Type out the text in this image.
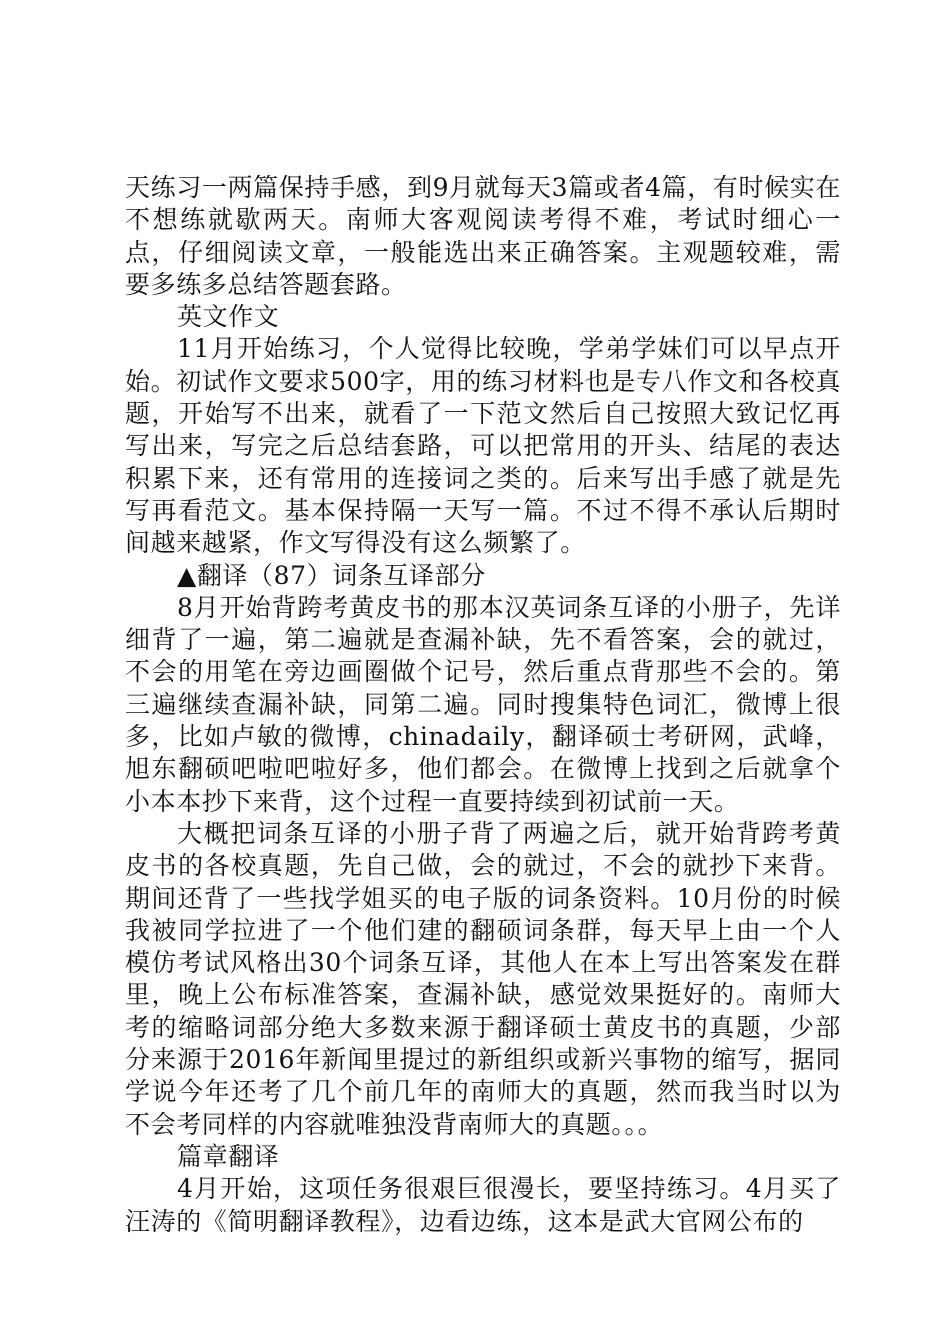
天练习一两篇保持手感，到9月就每天3篇或者4篇，有时候实在不想练就歇两天。南师大客观阅读考得不难，考试时细心一点，仔细阅读文章，一般能选出来正确答案。主观题较难，需要多练多总结答题套路。

英文作文

11月开始练习，个人觉得比较晚，学弟学妹们可以早点开始。初试作文要求500字，用的练习材料也是专八作文和各校真题，开始写不出来，就看了一下范文然后自己按照大致记忆再写出来，写完之后总结套路，可以把常用的开头、结尾的表达积累下来，还有常用的连接词之类的。后来写出手感了就是先写再看范文。基本保持隔一天写一篇。不过不得不承认后期时间越来越紧，作文写得没有这么频繁了。

▲翻译（87）词条互译部分

8月开始背跨考黄皮书的那本汉英词条互译的小册子，先详细背了一遍，第二遍就是查漏补缺，先不看答案，会的就过，不会的用笔在旁边画圈做个记号，然后重点背那些不会的。第三遍继续查漏补缺，同第二遍。同时搜集特色词汇，微博上很多，比如卢敏的微博，chinadaily，翻译硕士考研网，武峰，旭东翻硕吧啦吧啦好多，他们都会。在微博上找到之后就拿个小本本抄下来背，这个过程一直要持续到初试前一天。

大概把词条互译的小册子背了两遍之后，就开始背跨考黄皮书的各校真题，先自己做，会的就过，不会的就抄下来背。期间还背了一些找学姐买的电子版的词条资料。10月份的时候我被同学拉进了一个他们建的翻硕词条群，每天早上由一个人模仿考试风格出30个词条互译，其他人在本上写出答案发在群里，晚上公布标准答案，查漏补缺，感觉效果挺好的。南师大考的缩略词部分绝大多数来源于翻译硕士黄皮书的真题，少部分来源于2016年新闻里提过的新组织或新兴事物的缩写，据同学说今年还考了几个前几年的南师大的真题，然而我当时以为不会考同样的内容就唯独没背南师大的真题。。。

篇章翻译

4月开始，这项任务很艰巨很漫长，要坚持练习。4月买了汪涛的《简明翻译教程》，边看边练，这本是武大官网公布的
